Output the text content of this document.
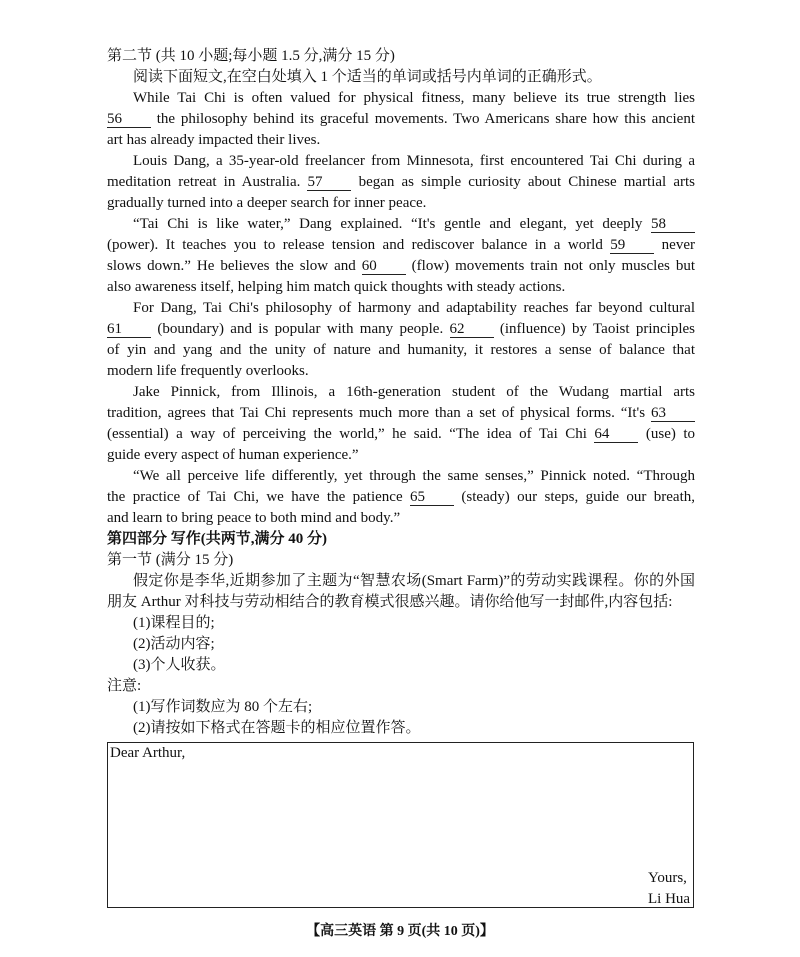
第二节 (共 10 小题;每小题 1.5 分,满分 15 分)
阅读下面短文,在空白处填入 1 个适当的单词或括号内单词的正确形式。
While Tai Chi is often valued for physical fitness, many believe its true strength lies
56 the philosophy behind its graceful movements. Two Americans share how this ancient
art has already impacted their lives.
Louis Dang, a 35-year-old freelancer from Minnesota, first encountered Tai Chi during a
meditation retreat in Australia. 57 began as simple curiosity about Chinese martial arts
gradually turned into a deeper search for inner peace.
“Tai Chi is like water,” Dang explained. “It's gentle and elegant, yet deeply 58
(power). It teaches you to release tension and rediscover balance in a world 59 never
slows down.” He believes the slow and 60 (flow) movements train not only muscles but
also awareness itself, helping him match quick thoughts with steady actions.
For Dang, Tai Chi's philosophy of harmony and adaptability reaches far beyond cultural
61 (boundary) and is popular with many people. 62 (influence) by Taoist principles
of yin and yang and the unity of nature and humanity, it restores a sense of balance that
modern life frequently overlooks.
Jake Pinnick, from Illinois, a 16th-generation student of the Wudang martial arts
tradition, agrees that Tai Chi represents much more than a set of physical forms. “It's 63
(essential) a way of perceiving the world,” he said. “The idea of Tai Chi 64 (use) to
guide every aspect of human experience.”
“We all perceive life differently, yet through the same senses,” Pinnick noted. “Through
the practice of Tai Chi, we have the patience 65 (steady) our steps, guide our breath,
and learn to bring peace to both mind and body.”
第四部分 写作(共两节,满分 40 分)
第一节 (满分 15 分)
假定你是李华,近期参加了主题为“智慧农场(Smart Farm)”的劳动实践课程。你的外国
朋友 Arthur 对科技与劳动相结合的教育模式很感兴趣。请你给他写一封邮件,内容包括:
(1)课程目的;
(2)活动内容;
(3)个人收获。
注意:
(1)写作词数应为 80 个左右;
(2)请按如下格式在答题卡的相应位置作答。
Dear Arthur,
Yours,
Li Hua
【高三英语 第 9 页(共 10 页)】
